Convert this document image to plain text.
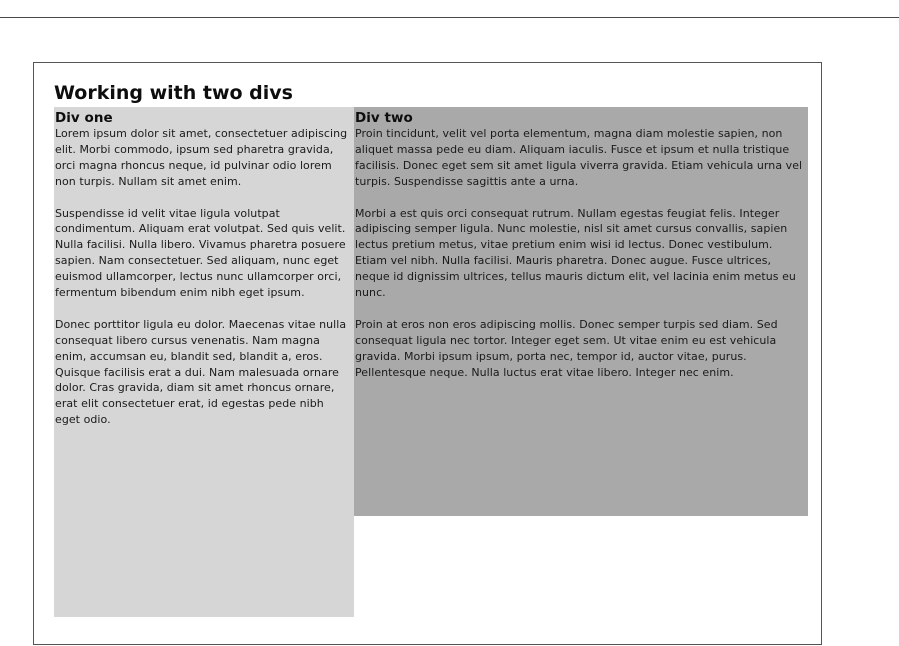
Working with two divs
Div one

Lorem ipsum dolor sit amet, consectetuer adipiscing elit. Morbi commodo, ipsum sed pharetra gravida, orci magna rhoncus neque, id pulvinar odio lorem non turpis. Nullam sit amet enim.

Suspendisse id velit vitae ligula volutpat condimentum. Aliquam erat volutpat. Sed quis velit. Nulla facilisi. Nulla libero. Vivamus pharetra posuere sapien. Nam consectetuer. Sed aliquam, nunc eget euismod ullamcorper, lectus nunc ullamcorper orci, fermentum bibendum enim nibh eget ipsum.

Donec porttitor ligula eu dolor. Maecenas vitae nulla consequat libero cursus venenatis. Nam magna enim, accumsan eu, blandit sed, blandit a, eros. Quisque facilisis erat a dui. Nam malesuada ornare dolor. Cras gravida, diam sit amet rhoncus ornare, erat elit consectetuer erat, id egestas pede nibh eget odio.

Div two

Proin tincidunt, velit vel porta elementum, magna diam molestie sapien, non aliquet massa pede eu diam. Aliquam iaculis. Fusce et ipsum et nulla tristique facilisis. Donec eget sem sit amet ligula viverra gravida. Etiam vehicula urna vel turpis. Suspendisse sagittis ante a urna.

Morbi a est quis orci consequat rutrum. Nullam egestas feugiat felis. Integer adipiscing semper ligula. Nunc molestie, nisl sit amet cursus convallis, sapien lectus pretium metus, vitae pretium enim wisi id lectus. Donec vestibulum. Etiam vel nibh. Nulla facilisi. Mauris pharetra. Donec augue. Fusce ultrices, neque id dignissim ultrices, tellus mauris dictum elit, vel lacinia enim metus eu nunc.

Proin at eros non eros adipiscing mollis. Donec semper turpis sed diam. Sed consequat ligula nec tortor. Integer eget sem. Ut vitae enim eu est vehicula gravida. Morbi ipsum ipsum, porta nec, tempor id, auctor vitae, purus. Pellentesque neque. Nulla luctus erat vitae libero. Integer nec enim.
